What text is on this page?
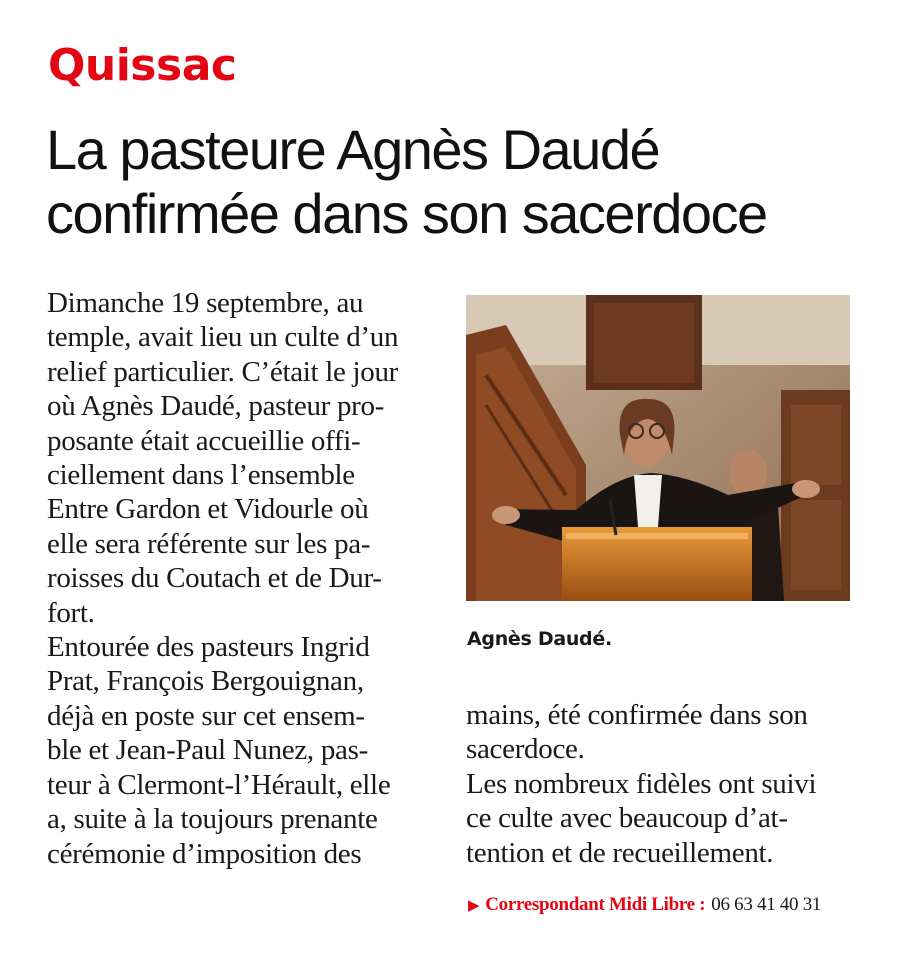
Quissac
La pasteure Agnès Daudé
confirmée dans son sacerdoce
Dimanche 19 septembre, au
temple, avait lieu un culte d’un
relief particulier. C’était le jour
où Agnès Daudé, pasteur pro-
posante était accueillie offi-
ciellement dans l’ensemble
Entre Gardon et Vidourle où
elle sera référente sur les pa-
roisses du Coutach et de Dur-
fort.
Entourée des pasteurs Ingrid
Prat, François Bergouignan,
déjà en poste sur cet ensem-
ble et Jean-Paul Nunez, pas-
teur à Clermont-l’Hérault, elle
a, suite à la toujours prenante
cérémonie d’imposition des
Agnès Daudé.
mains, été confirmée dans son
sacerdoce.
Les nombreux fidèles ont suivi
ce culte avec beaucoup d’at-
tention et de recueillement.
▶ Correspondant Midi Libre : 06 63 41 40 31
